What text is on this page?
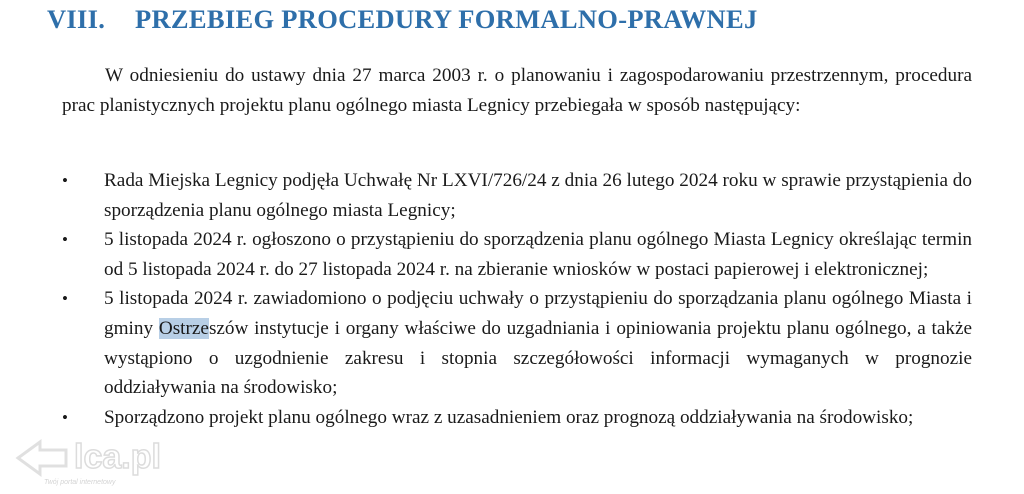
VIII. PRZEBIEG PROCEDURY FORMALNO-PRAWNEJ

W odniesieniu do ustawy dnia 27 marca 2003 r. o planowaniu i zagospodarowaniu przestrzennym, procedura prac planistycznych projektu planu ogólnego miasta Legnicy przebiegała w sposób następujący:

• Rada Miejska Legnicy podjęła Uchwałę Nr LXVI/726/24 z dnia 26 lutego 2024 roku w sprawie przystąpienia do sporządzenia planu ogólnego miasta Legnicy;
• 5 listopada 2024 r. ogłoszono o przystąpieniu do sporządzenia planu ogólnego Miasta Legnicy określając termin od 5 listopada 2024 r. do 27 listopada 2024 r. na zbieranie wniosków w postaci papierowej i elektronicznej;
• 5 listopada 2024 r. zawiadomiono o podjęciu uchwały o przystąpieniu do sporządzania planu ogólnego Miasta i gminy Ostrzeszów instytucje i organy właściwe do uzgadniania i opiniowania projektu planu ogólnego, a także wystąpiono o uzgodnienie zakresu i stopnia szczegółowości informacji wymaganych w prognozie oddziaływania na środowisko;
• Sporządzono projekt planu ogólnego wraz z uzasadnieniem oraz prognozą oddziaływania na środowisko;
lca.pl
Twój portal internetowy
